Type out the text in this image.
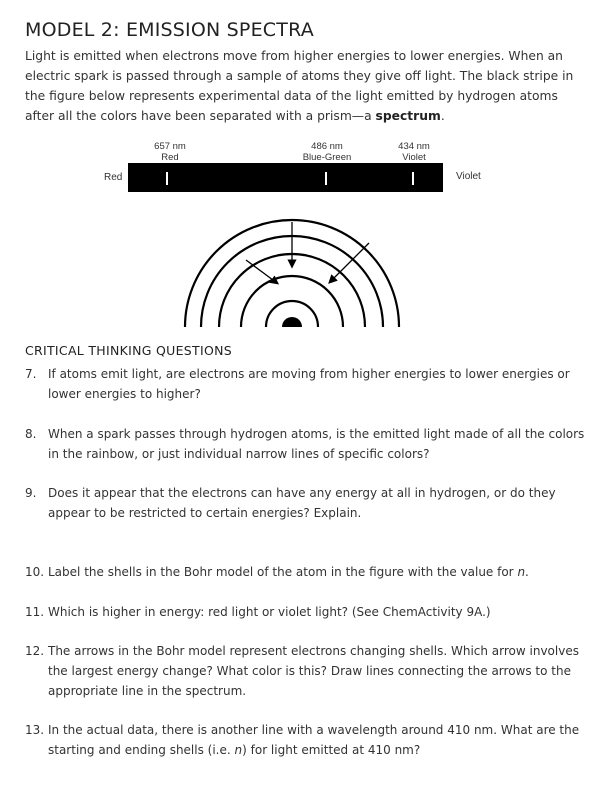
MODEL 2: EMISSION SPECTRA
Light is emitted when electrons move from higher energies to lower energies. When an electric spark is passed through a sample of atoms they give off light. The black stripe in the figure below represents experimental data of the light emitted by hydrogen atoms after all the colors have been separated with a prism—a spectrum.
657 nm
Red
486 nm
Blue-Green
434 nm
Violet
Red	Violet
CRITICAL THINKING QUESTIONS
7. If atoms emit light, are electrons are moving from higher energies to lower energies or lower energies to higher?
8. When a spark passes through hydrogen atoms, is the emitted light made of all the colors in the rainbow, or just individual narrow lines of specific colors?
9. Does it appear that the electrons can have any energy at all in hydrogen, or do they appear to be restricted to certain energies? Explain.
10. Label the shells in the Bohr model of the atom in the figure with the value for n.
11. Which is higher in energy: red light or violet light? (See ChemActivity 9A.)
12. The arrows in the Bohr model represent electrons changing shells. Which arrow involves the largest energy change? What color is this? Draw lines connecting the arrows to the appropriate line in the spectrum.
13. In the actual data, there is another line with a wavelength around 410 nm. What are the starting and ending shells (i.e. n) for light emitted at 410 nm?
